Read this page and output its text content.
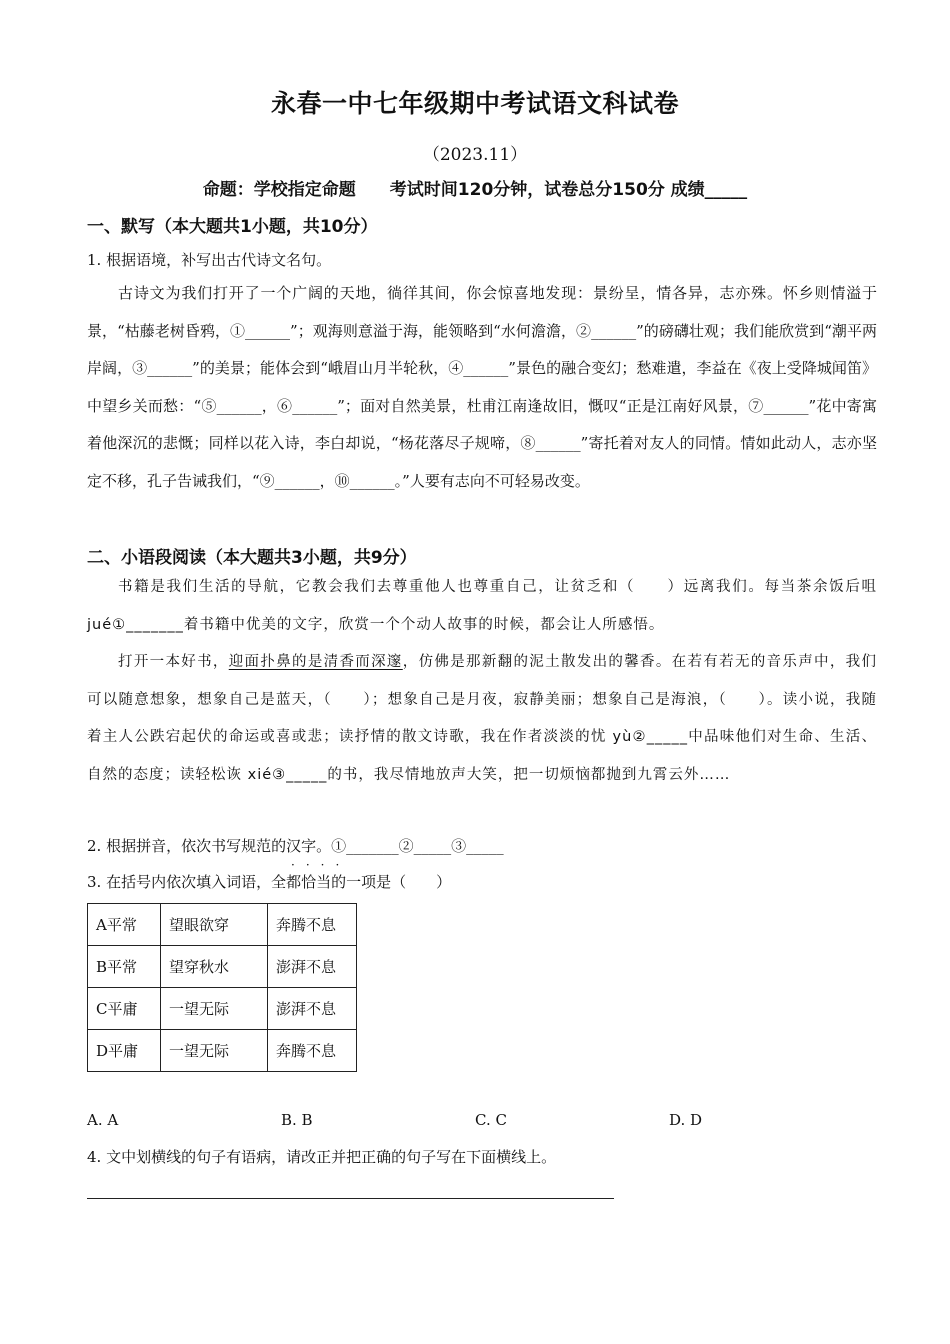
永春一中七年级期中考试语文科试卷
（2023.11）
命题：学校指定命题　　考试时间120分钟，试卷总分150分 成绩_____
一、默写（本大题共1小题，共10分）
1. 根据语境，补写出古代诗文名句。
古诗文为我们打开了一个广阔的天地，徜徉其间，你会惊喜地发现：景纷呈，情各异，志亦殊。怀乡则情溢于景，“枯藤老树昏鸦，①______”；观海则意溢于海，能领略到“水何澹澹，②______”的磅礴壮观；我们能欣赏到“潮平两岸阔，③______”的美景；能体会到“峨眉山月半轮秋，④______”景色的融合变幻；愁难遣，李益在《夜上受降城闻笛》中望乡关而愁：“⑤______，⑥______”；面对自然美景，杜甫江南逢故旧，慨叹“正是江南好风景，⑦______”花中寄寓着他深沉的悲慨；同样以花入诗，李白却说，“杨花落尽子规啼，⑧______”寄托着对友人的同情。情如此动人，志亦坚定不移，孔子告诫我们，“⑨______，⑩______。”人要有志向不可轻易改变。
二、小语段阅读（本大题共3小题，共9分）
书籍是我们生活的导航，它教会我们去尊重他人也尊重自己，让贫乏和（　　）远离我们。每当茶余饭后咀 jué①_______着书籍中优美的文字，欣赏一个个动人故事的时候，都会让人所感悟。
打开一本好书，迎面扑鼻的是清香而深邃，仿佛是那新翻的泥土散发出的馨香。在若有若无的音乐声中，我们可以随意想象，想象自己是蓝天，（　　）；想象自己是月夜，寂静美丽；想象自己是海浪，（　　）。读小说，我随着主人公跌宕起伏的命运或喜或悲；读抒情的散文诗歌，我在作者淡淡的忧 yù②_____中品味他们对生命、生活、自然的态度；读轻松诙 xié③_____的书，我尽情地放声大笑，把一切烦恼都抛到九霄云外……
2. 根据拼音，依次书写规范的汉字。①_______②_____③_____
····
3. 在括号内依次填入词语，全都恰当的一项是（　　）
A平常	望眼欲穿	奔腾不息
B平常	望穿秋水	澎湃不息
C平庸	一望无际	澎湃不息
D平庸	一望无际	奔腾不息
A. A	B. B	C. C	D. D
4. 文中划横线的句子有语病，请改正并把正确的句子写在下面横线上。
